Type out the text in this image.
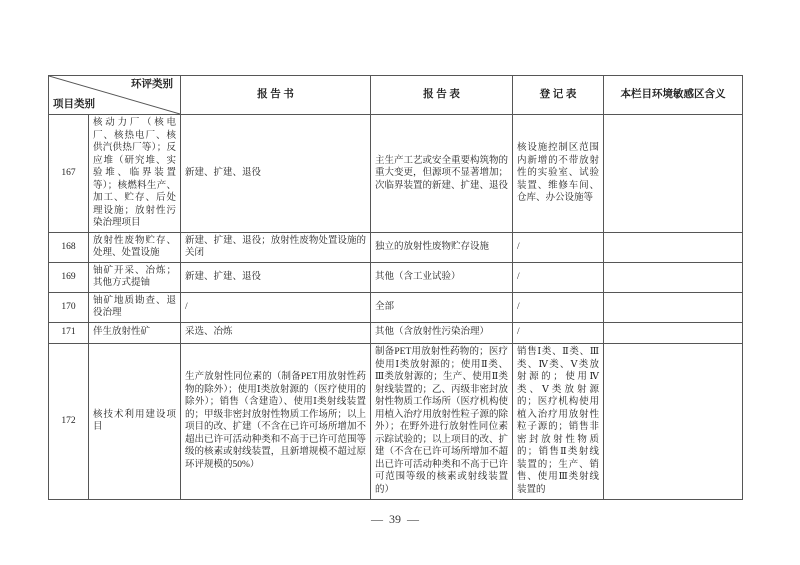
环评类别
项目类别		报 告 书	报 告 表	登 记 表	本栏目环境敏感区含义
167	核动力厂（核电厂、核热电厂、核供汽供热厂等）；反应堆（研究堆、实验堆、临界装置等）；核燃料生产、加工、贮存、后处理设施；放射性污染治理项目	新建、扩建、退役	主生产工艺或安全重要构筑物的重大变更，但源项不显著增加；次临界装置的新建、扩建、退役	核设施控制区范围内新增的不带放射性的实验室、试验装置、维修车间、仓库、办公设施等	
168	放射性废物贮存、处理、处置设施	新建、扩建、退役；放射性废物处置设施的关闭	独立的放射性废物贮存设施	/	
169	铀矿开采、冶炼；其他方式提铀	新建、扩建、退役	其他（含工业试验）	/	
170	铀矿地质勘查、退役治理	/	全部	/	
171	伴生放射性矿	采选、冶炼	其他（含放射性污染治理）	/	
172	核技术利用建设项目	生产放射性同位素的（制备PET用放射性药物的除外）；使用Ⅰ类放射源的（医疗使用的除外）；销售（含建造）、使用Ⅰ类射线装置的；甲级非密封放射性物质工作场所；以上项目的改、扩建（不含在已许可场所增加不超出已许可活动种类和不高于已许可范围等级的核素或射线装置，且新增规模不超过原环评规模的50%）	制备PET用放射性药物的；医疗使用Ⅰ类放射源的；使用Ⅱ类、Ⅲ类放射源的；生产、使用Ⅱ类射线装置的；乙、丙级非密封放射性物质工作场所（医疗机构使用植入治疗用放射性粒子源的除外）；在野外进行放射性同位素示踪试验的；以上项目的改、扩建（不含在已许可场所增加不超出已许可活动种类和不高于已许可范围等级的核素或射线装置的）	销售Ⅰ类、Ⅱ类、Ⅲ类、Ⅳ类、Ⅴ类放射源的；使用Ⅳ类、Ⅴ类放射源的；医疗机构使用植入治疗用放射性粒子源的；销售非密封放射性物质的；销售Ⅱ类射线装置的；生产、销售、使用Ⅲ类射线装置的	
—  39  —
